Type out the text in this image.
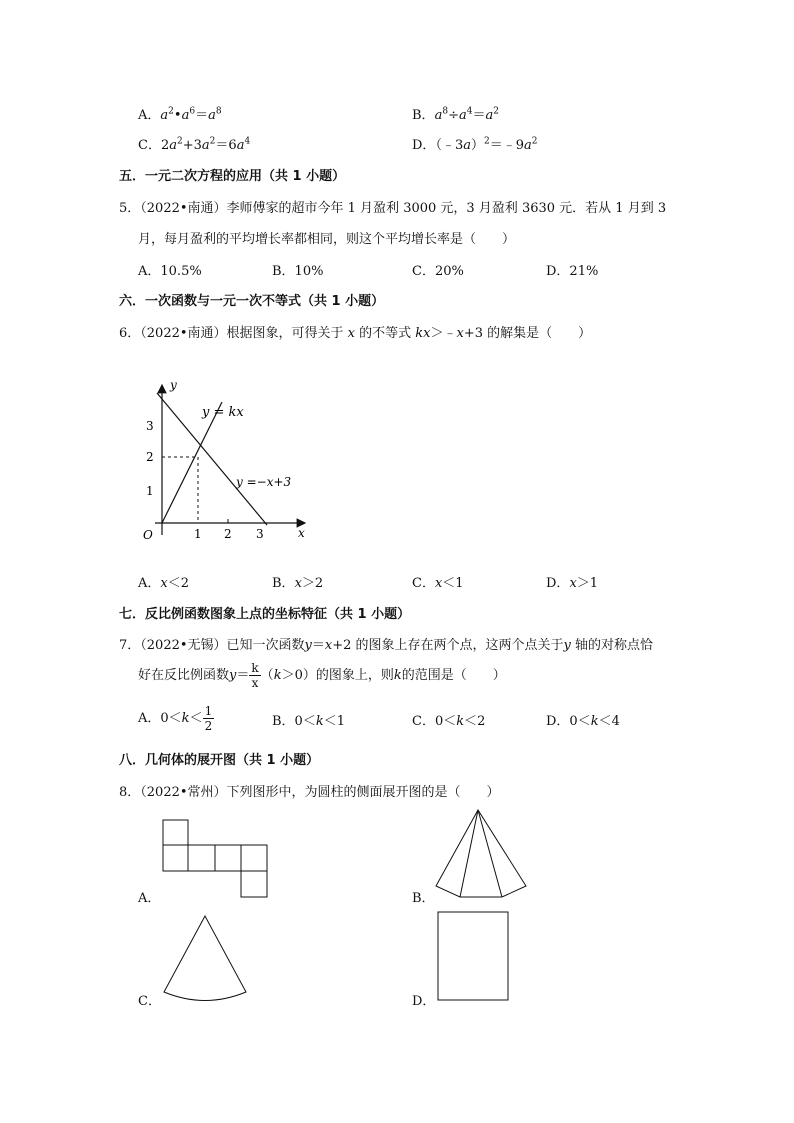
A．$a^2•a^6=a^8$	B．$a^8\div a^4=a^2$
C．$2a^2+3a^2=6a^4$	D．$(﹣3a)^2=﹣9a^2$
五．一元二次方程的应用（共 1 小题）
5．（2022•南通）李师傅家的超市今年 1 月盈利 3000 元，3 月盈利 3630 元．若从 1 月到 3
月，每月盈利的平均增长率都相同，则这个平均增长率是（　　）
A．10.5%	B．10%	C．20%	D．21%
六．一次函数与一元一次不等式（共 1 小题）
6．（2022•南通）根据图象，可得关于 x 的不等式 kx＞﹣x+3 的解集是（　　）
y
x
O	1 2 3
1
2
3
y = kx
y =−x+3
A．x＜2	B．x＞2	C．x＜1	D．x＞1
七．反比例函数图象上点的坐标特征（共 1 小题）
7．（2022•无锡）已知一次函数y＝x+2 的图象上存在两个点，这两个点关于y 轴的对称点恰
好在反比例函数$y= \frac{k}{x} (k>0)$的图象上，则k的范围是（　　）
A．$0<k< \frac{1}{2}$	B．0＜k＜1	C．0＜k＜2	D．0＜k＜4
八．几何体的展开图（共 1 小题）
8．（2022•常州）下列图形中，为圆柱的侧面展开图的是（　　）
A．	B．
C．	D．
